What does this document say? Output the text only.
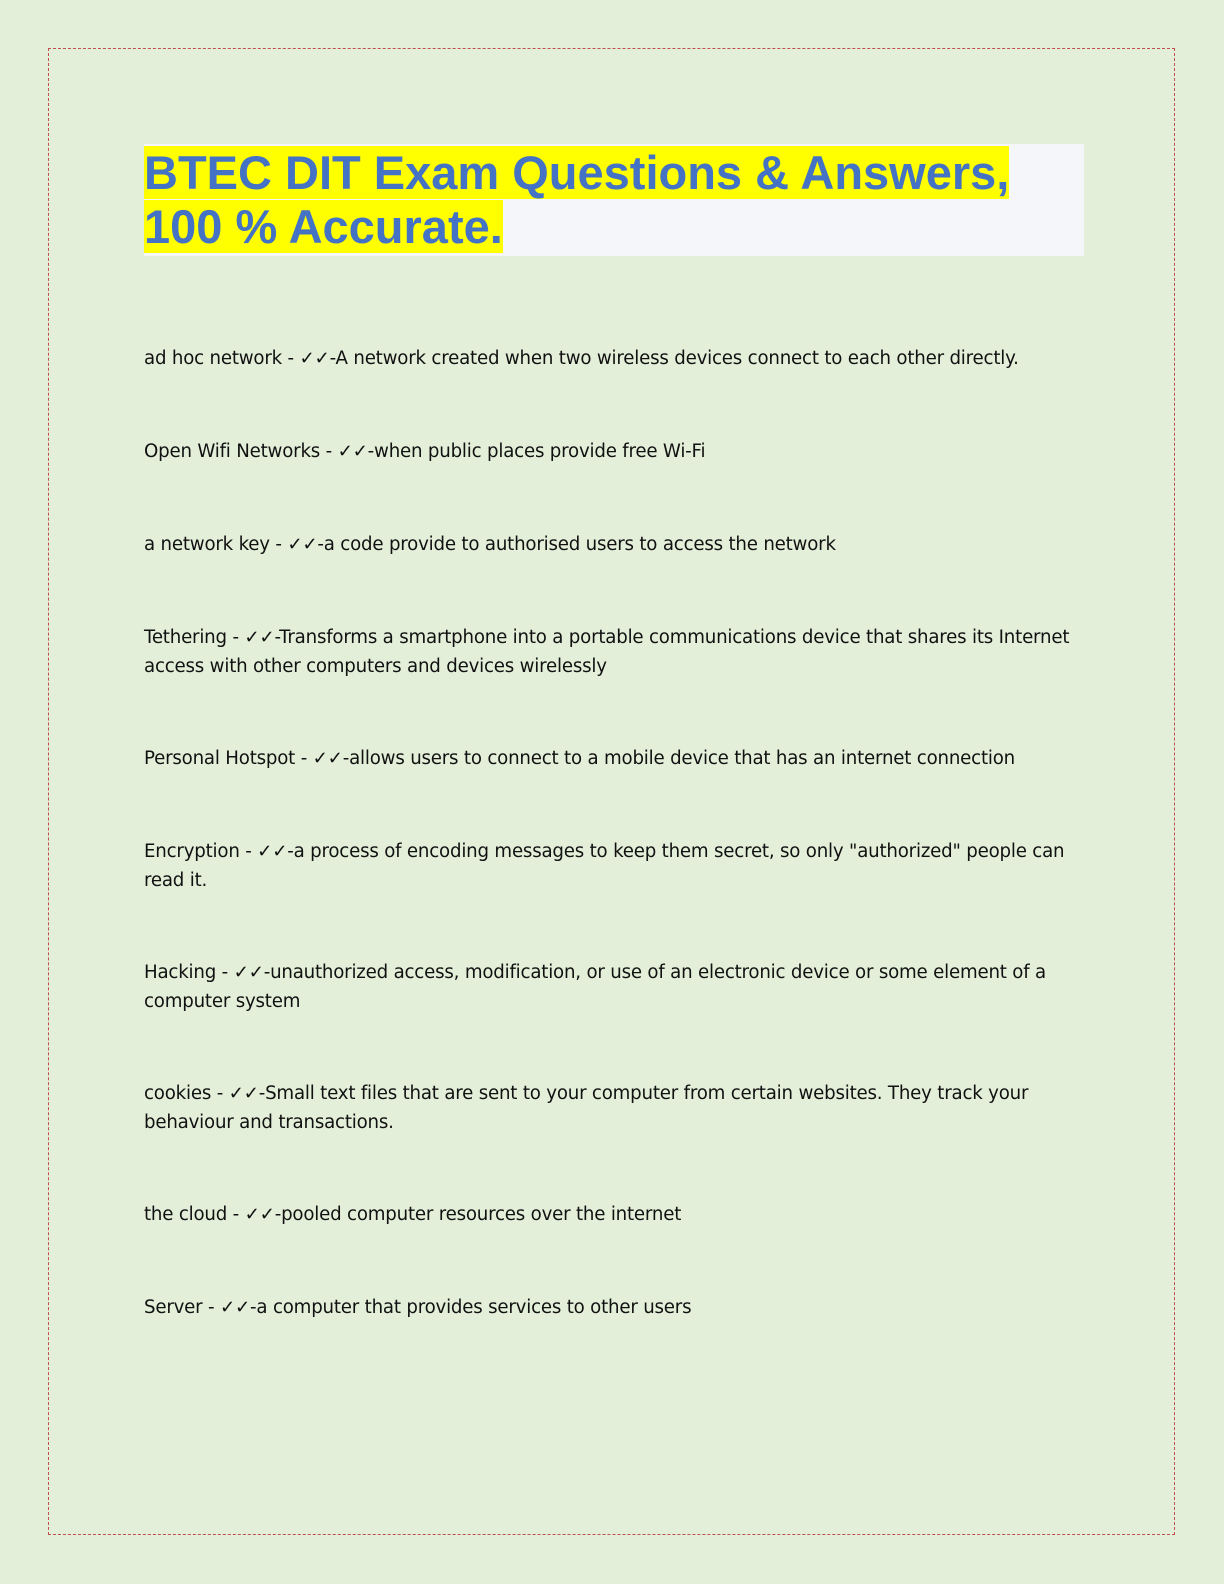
BTEC DIT Exam Questions & Answers,
100 % Accurate.

ad hoc network - ✓✓-A network created when two wireless devices connect to each other directly.

Open Wifi Networks - ✓✓-when public places provide free Wi-Fi

a network key - ✓✓-a code provide to authorised users to access the network

Tethering - ✓✓-Transforms a smartphone into a portable communications device that shares its Internet access with other computers and devices wirelessly

Personal Hotspot - ✓✓-allows users to connect to a mobile device that has an internet connection

Encryption - ✓✓-a process of encoding messages to keep them secret, so only "authorized" people can read it.

Hacking - ✓✓-unauthorized access, modification, or use of an electronic device or some element of a computer system

cookies - ✓✓-Small text files that are sent to your computer from certain websites. They track your behaviour and transactions.

the cloud - ✓✓-pooled computer resources over the internet

Server - ✓✓-a computer that provides services to other users
